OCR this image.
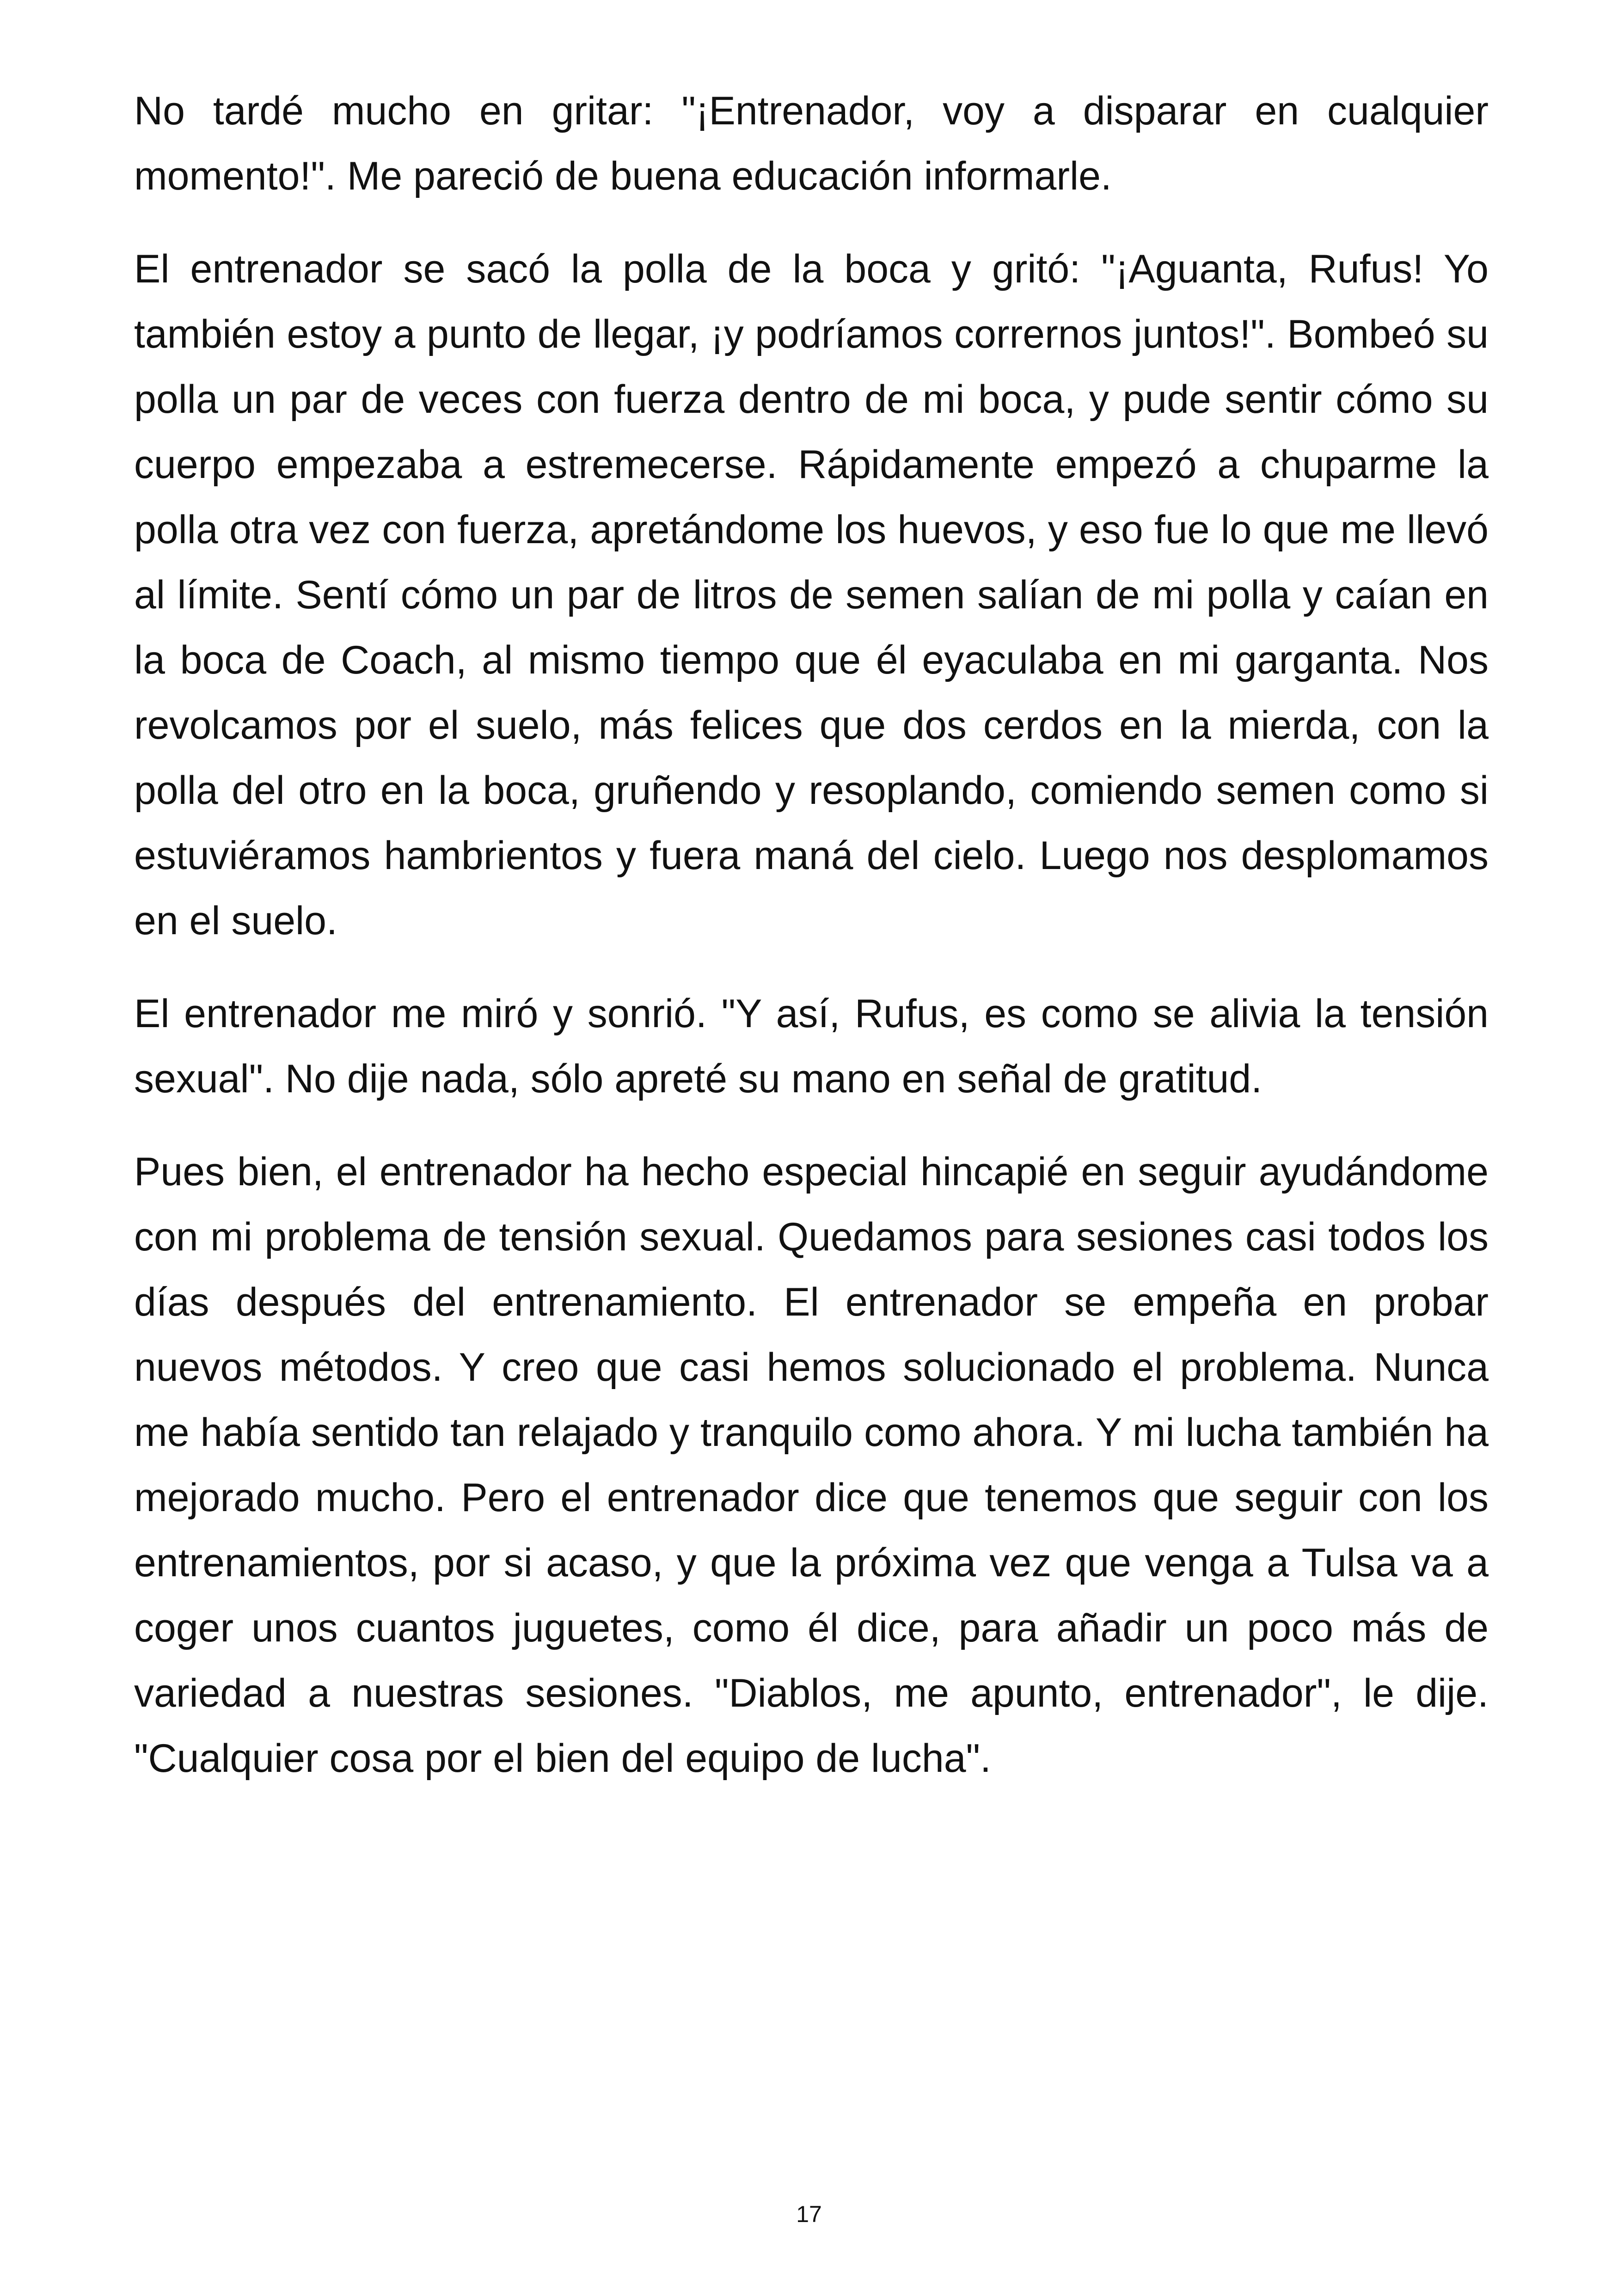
No tardé mucho en gritar: "¡Entrenador, voy a disparar en cualquier momento!". Me pareció de buena educación informarle.

El entrenador se sacó la polla de la boca y gritó: "¡Aguanta, Rufus! Yo también estoy a punto de llegar, ¡y podríamos corrernos juntos!". Bombeó su polla un par de veces con fuerza dentro de mi boca, y pude sentir cómo su cuerpo empezaba a estremecerse. Rápidamente empezó a chuparme la polla otra vez con fuerza, apretándome los huevos, y eso fue lo que me llevó al límite. Sentí cómo un par de litros de semen salían de mi polla y caían en la boca de Coach, al mismo tiempo que él eyaculaba en mi garganta. Nos revolcamos por el suelo, más felices que dos cerdos en la mierda, con la polla del otro en la boca, gruñendo y resoplando, comiendo semen como si estuviéramos hambrientos y fuera maná del cielo. Luego nos desplomamos en el suelo.

El entrenador me miró y sonrió. "Y así, Rufus, es como se alivia la tensión sexual". No dije nada, sólo apreté su mano en señal de gratitud.

Pues bien, el entrenador ha hecho especial hincapié en seguir ayudándome con mi problema de tensión sexual. Quedamos para sesiones casi todos los días después del entrenamiento. El entrenador se empeña en probar nuevos métodos. Y creo que casi hemos solucionado el problema. Nunca me había sentido tan relajado y tranquilo como ahora. Y mi lucha también ha mejorado mucho. Pero el entrenador dice que tenemos que seguir con los entrenamientos, por si acaso, y que la próxima vez que venga a Tulsa va a coger unos cuantos juguetes, como él dice, para añadir un poco más de variedad a nuestras sesiones. "Diablos, me apunto, entrenador", le dije. "Cualquier cosa por el bien del equipo de lucha".

17
